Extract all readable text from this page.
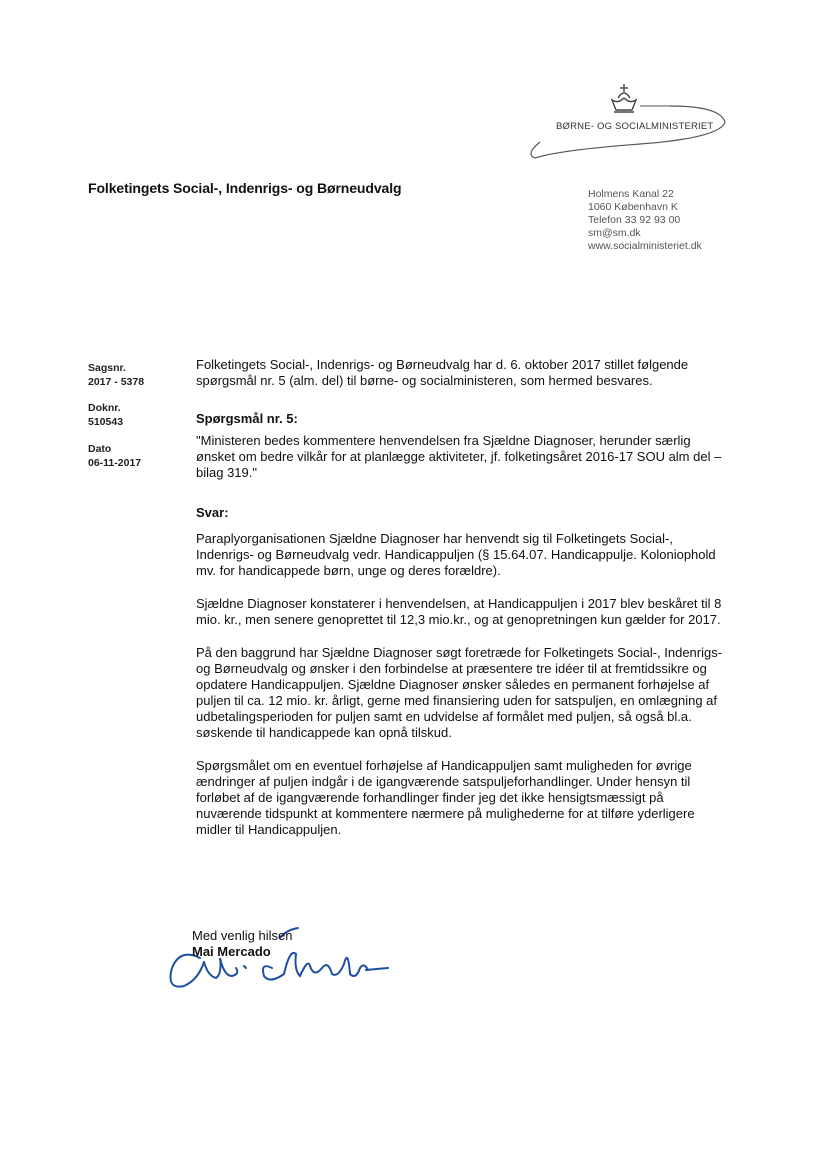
BØRNE- OG SOCIALMINISTERIET
Folketingets Social-, Indenrigs- og Børneudvalg	Holmens Kanal 22
1060 København K
Telefon 33 92 93 00
sm@sm.dk
www.socialministeriet.dk
Sagsnr.
2017 - 5378
Doknr.
510543
Dato
06-11-2017

Folketingets Social-, Indenrigs- og Børneudvalg har d. 6. oktober 2017 stillet følgende spørgsmål nr. 5 (alm. del) til børne- og socialministeren, som hermed besvares.

Spørgsmål nr. 5:

"Ministeren bedes kommentere henvendelsen fra Sjældne Diagnoser, herunder særlig ønsket om bedre vilkår for at planlægge aktiviteter, jf. folketingsåret 2016-17 SOU alm del – bilag 319."

Svar:

Paraplyorganisationen Sjældne Diagnoser har henvendt sig til Folketingets Social-, Indenrigs- og Børneudvalg vedr. Handicappuljen (§ 15.64.07. Handicappulje. Koloniophold mv. for handicappede børn, unge og deres forældre).

Sjældne Diagnoser konstaterer i henvendelsen, at Handicappuljen i 2017 blev beskåret til 8 mio. kr., men senere genoprettet til 12,3 mio.kr., og at genopretningen kun gælder for 2017.

På den baggrund har Sjældne Diagnoser søgt foretræde for Folketingets Social-, Indenrigs- og Børneudvalg og ønsker i den forbindelse at præsentere tre idéer til at fremtidssikre og opdatere Handicappuljen. Sjældne Diagnoser ønsker således en permanent forhøjelse af puljen til ca. 12 mio. kr. årligt, gerne med finansiering uden for satspuljen, en omlægning af udbetalingsperioden for puljen samt en udvidelse af formålet med puljen, så også bl.a. søskende til handicappede kan opnå tilskud.

Spørgsmålet om en eventuel forhøjelse af Handicappuljen samt muligheden for øvrige ændringer af puljen indgår i de igangværende satspuljeforhandlinger. Under hensyn til forløbet af de igangværende forhandlinger finder jeg det ikke hensigtsmæssigt på nuværende tidspunkt at kommentere nærmere på mulighederne for at tilføre yderligere midler til Handicappuljen.

Med venlig hilsen
Mai Mercado
